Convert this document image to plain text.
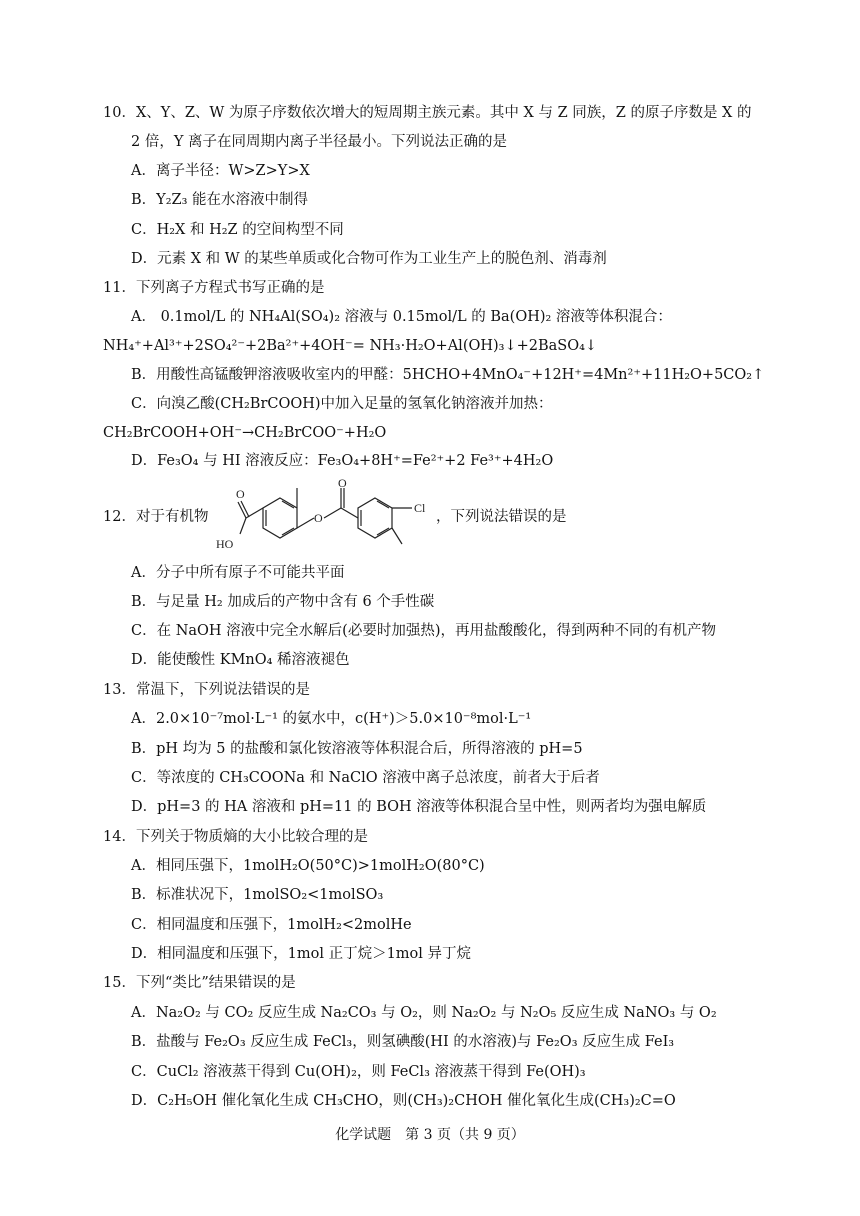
10．X、Y、Z、W 为原子序数依次增大的短周期主族元素。其中 X 与 Z 同族，Z 的原子序数是 X 的
2 倍，Y 离子在同周期内离子半径最小。下列说法正确的是
A．离子半径：W>Z>Y>X
B．Y₂Z₃ 能在水溶液中制得
C．H₂X 和 H₂Z 的空间构型不同
D．元素 X 和 W 的某些单质或化合物可作为工业生产上的脱色剂、消毒剂
11．下列离子方程式书写正确的是
A． 0.1mol/L 的 NH₄Al(SO₄)₂ 溶液与 0.15mol/L 的 Ba(OH)₂ 溶液等体积混合：
NH₄⁺+Al³⁺+2SO₄²⁻+2Ba²⁺+4OH⁻= NH₃·H₂O+Al(OH)₃↓+2BaSO₄↓
B．用酸性高锰酸钾溶液吸收室内的甲醛：5HCHO+4MnO₄⁻+12H⁺=4Mn²⁺+11H₂O+5CO₂↑
C．向溴乙酸(CH₂BrCOOH)中加入足量的氢氧化钠溶液并加热：
CH₂BrCOOH+OH⁻→CH₂BrCOO⁻+H₂O
D．Fe₃O₄ 与 HI 溶液反应：Fe₃O₄+8H⁺=Fe²⁺+2 Fe³⁺+4H₂O
12．对于有机物
O
HO
O
O
Cl
，下列说法错误的是
A．分子中所有原子不可能共平面
B．与足量 H₂ 加成后的产物中含有 6 个手性碳
C．在 NaOH 溶液中完全水解后(必要时加强热)，再用盐酸酸化，得到两种不同的有机产物
D．能使酸性 KMnO₄ 稀溶液褪色
13．常温下，下列说法错误的是
A．2.0×10⁻⁷mol·L⁻¹ 的氨水中，c(H⁺)＞5.0×10⁻⁸mol·L⁻¹
B．pH 均为 5 的盐酸和氯化铵溶液等体积混合后，所得溶液的 pH=5
C．等浓度的 CH₃COONa 和 NaClO 溶液中离子总浓度，前者大于后者
D．pH=3 的 HA 溶液和 pH=11 的 BOH 溶液等体积混合呈中性，则两者均为强电解质
14．下列关于物质熵的大小比较合理的是
A．相同压强下，1molH₂O(50°C)>1molH₂O(80°C)
B．标准状况下，1molSO₂<1molSO₃
C．相同温度和压强下，1molH₂<2molHe
D．相同温度和压强下，1mol 正丁烷＞1mol 异丁烷
15．下列“类比”结果错误的是
A．Na₂O₂ 与 CO₂ 反应生成 Na₂CO₃ 与 O₂，则 Na₂O₂ 与 N₂O₅ 反应生成 NaNO₃ 与 O₂
B．盐酸与 Fe₂O₃ 反应生成 FeCl₃，则氢碘酸(HI 的水溶液)与 Fe₂O₃ 反应生成 FeI₃
C．CuCl₂ 溶液蒸干得到 Cu(OH)₂，则 FeCl₃ 溶液蒸干得到 Fe(OH)₃
D．C₂H₅OH 催化氧化生成 CH₃CHO，则(CH₃)₂CHOH 催化氧化生成(CH₃)₂C=O
化学试题　第 3 页（共 9 页）
